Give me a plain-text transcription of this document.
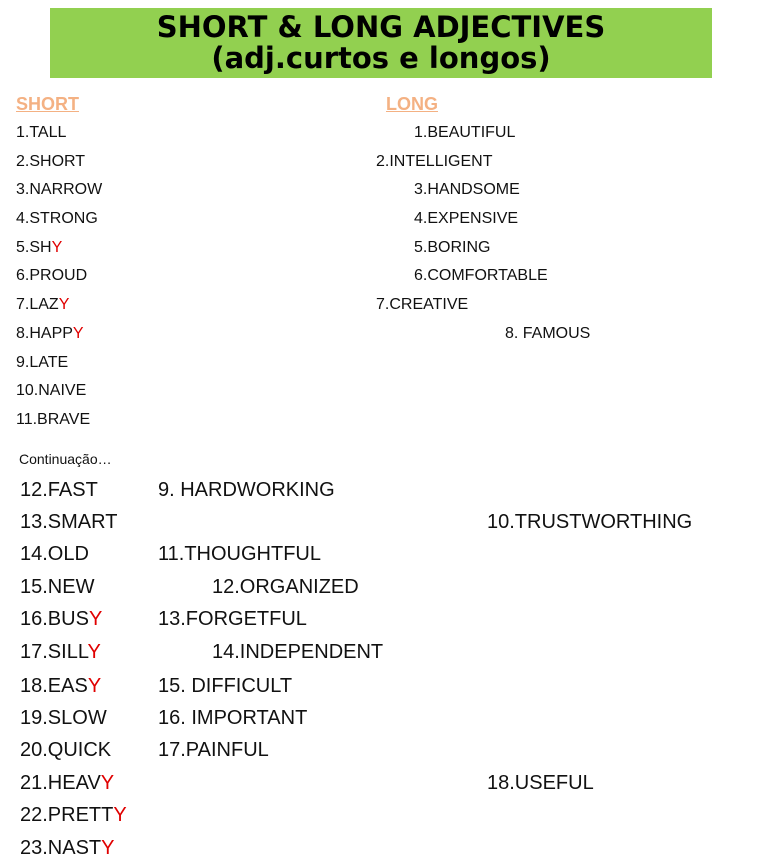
SHORT & LONG ADJECTIVES
(adj.curtos e longos)
SHORT	LONG
1.TALL
2.SHORT
3.NARROW
4.STRONG
5.SHY
6.PROUD
7.LAZY
8.HAPPY
9.LATE
10.NAIVE
11.BRAVE
1.BEAUTIFUL
2.INTELLIGENT
3.HANDSOME
4.EXPENSIVE
5.BORING
6.COMFORTABLE
7.CREATIVE
8. FAMOUS
Continuação…
12.FAST
13.SMART
14.OLD
15.NEW
16.BUSY
17.SILLY
18.EASY
19.SLOW
20.QUICK
21.HEAVY
22.PRETTY
23.NASTY
9. HARDWORKING
10.TRUSTWORTHING
11.THOUGHTFUL
12.ORGANIZED
13.FORGETFUL
14.INDEPENDENT
15. DIFFICULT
16. IMPORTANT
17.PAINFUL
18.USEFUL
